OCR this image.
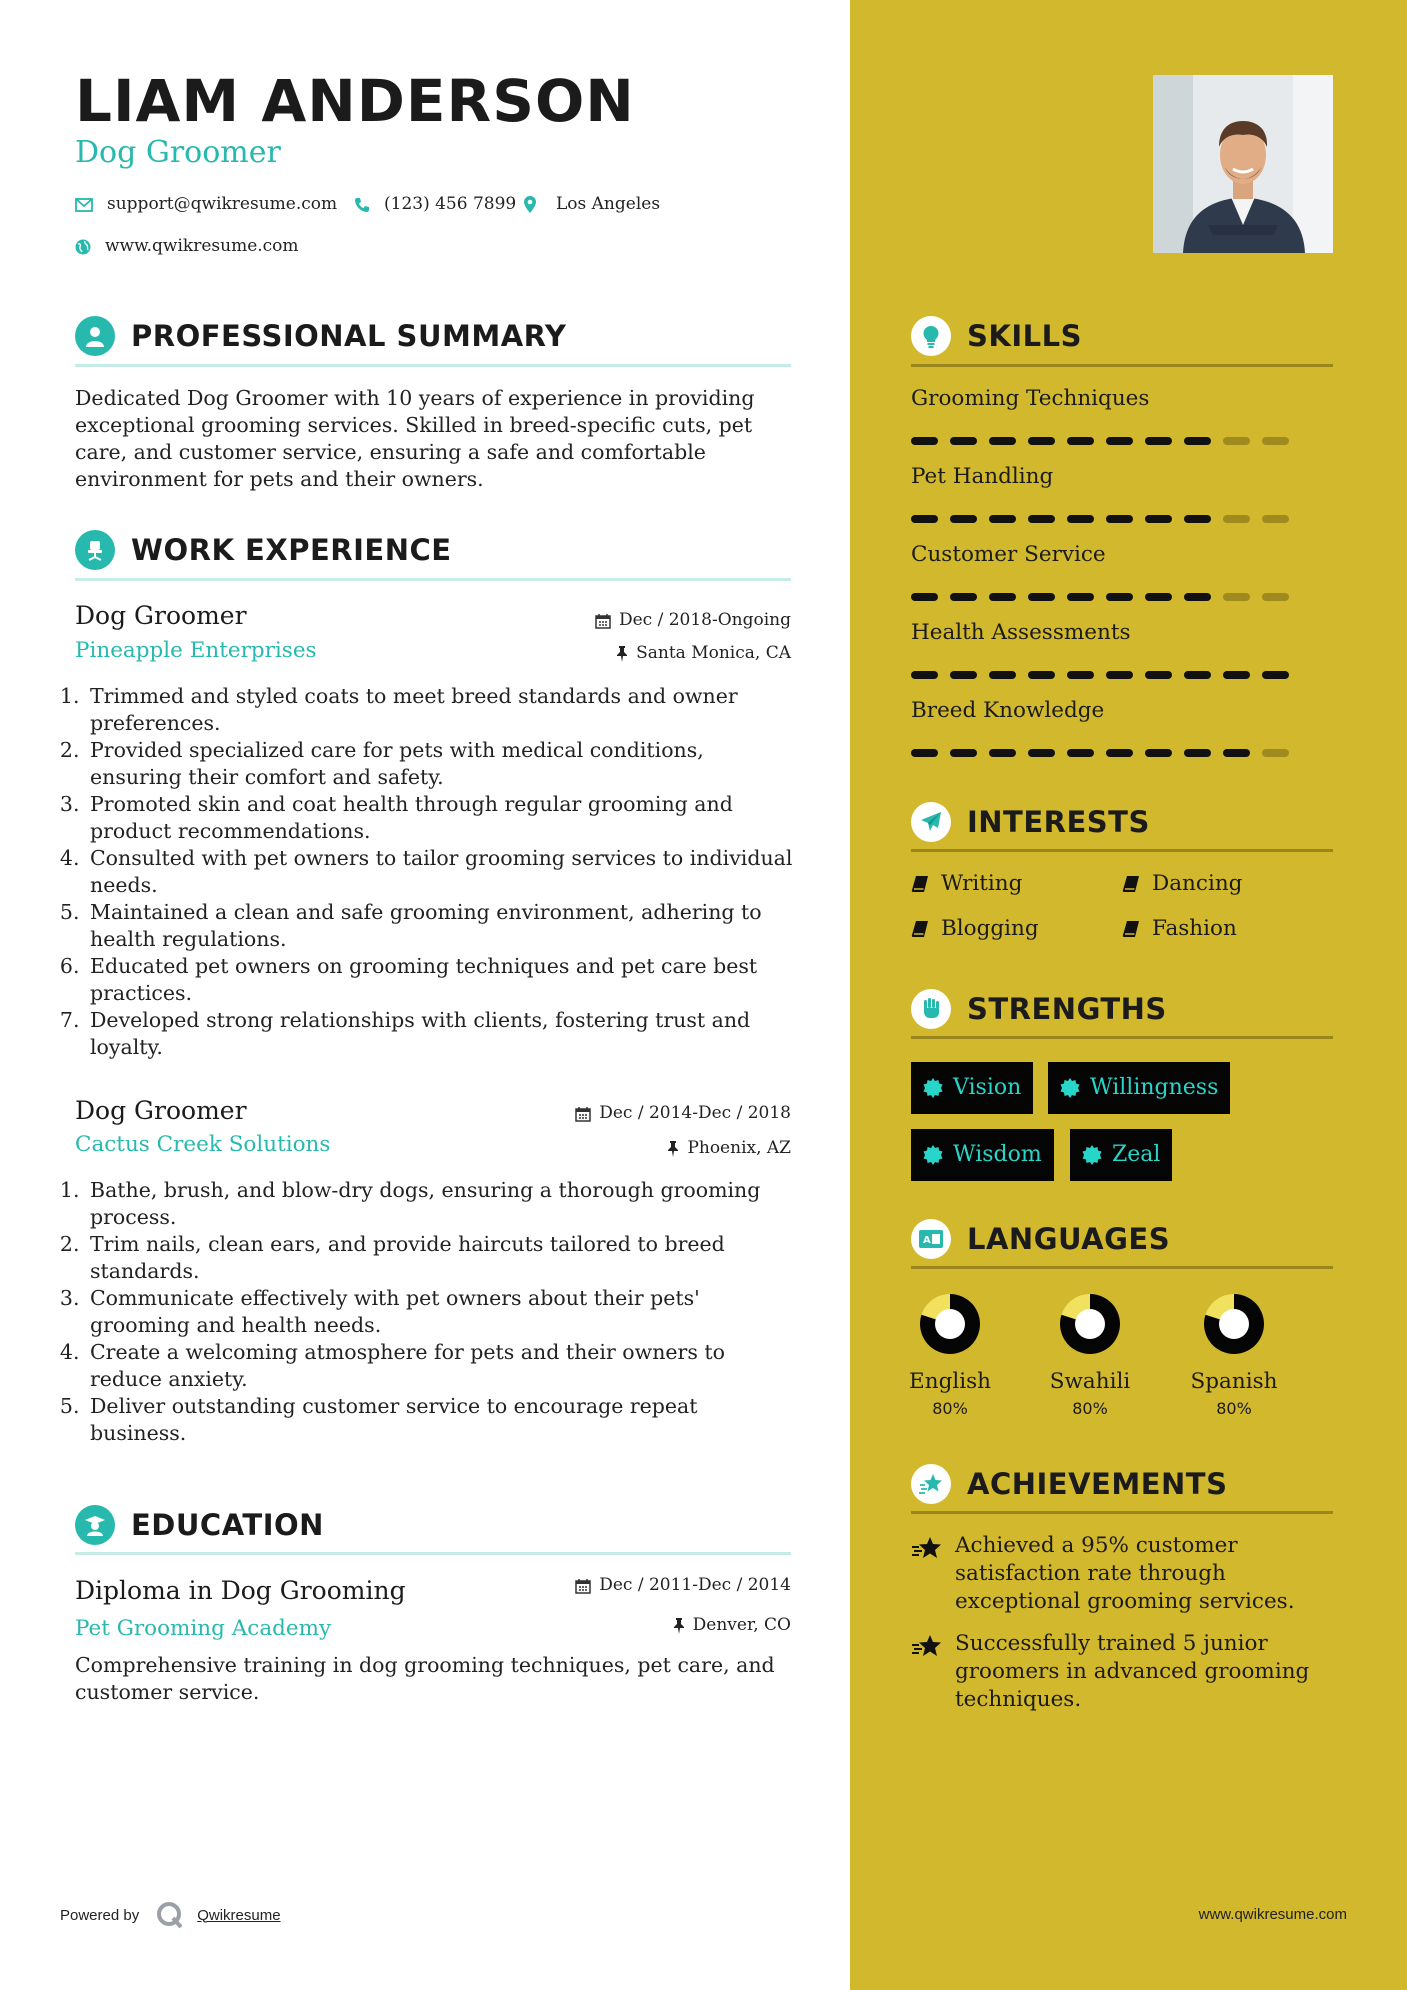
LIAM ANDERSON
Dog Groomer
support@qwikresume.com	(123) 456 7899 Los Angeles
www.qwikresume.com
PROFESSIONAL SUMMARY
Dedicated Dog Groomer with 10 years of experience in providing exceptional grooming services. Skilled in breed-specific cuts, pet care, and customer service, ensuring a safe and comfortable environment for pets and their owners.
WORK EXPERIENCE
Dog Groomer	Dec / 2018-Ongoing
Pineapple Enterprises	Santa Monica, CA
1. Trimmed and styled coats to meet breed standards and owner preferences.
2. Provided specialized care for pets with medical conditions, ensuring their comfort and safety.
3. Promoted skin and coat health through regular grooming and product recommendations.
4. Consulted with pet owners to tailor grooming services to individual needs.
5. Maintained a clean and safe grooming environment, adhering to health regulations.
6. Educated pet owners on grooming techniques and pet care best practices.
7. Developed strong relationships with clients, fostering trust and loyalty.
Dog Groomer	Dec / 2014-Dec / 2018
Cactus Creek Solutions	Phoenix, AZ
1. Bathe, brush, and blow-dry dogs, ensuring a thorough grooming process.
2. Trim nails, clean ears, and provide haircuts tailored to breed standards.
3. Communicate effectively with pet owners about their pets' grooming and health needs.
4. Create a welcoming atmosphere for pets and their owners to reduce anxiety.
5. Deliver outstanding customer service to encourage repeat business.
EDUCATION
Diploma in Dog Grooming	Dec / 2011-Dec / 2014
Pet Grooming Academy	Denver, CO
Comprehensive training in dog grooming techniques, pet care, and customer service.
SKILLS
Grooming Techniques
Pet Handling
Customer Service
Health Assessments
Breed Knowledge
INTERESTS
Writing	Dancing
Blogging	Fashion
STRENGTHS
Vision	Willingness
Wisdom	Zeal
A LANGUAGES
English
80%
Swahili
80%
Spanish
80%
ACHIEVEMENTS
Achieved a 95% customer satisfaction rate through exceptional grooming services.
Successfully trained 5 junior groomers in advanced grooming techniques.
Powered by	Qwikresume	www.qwikresume.com
